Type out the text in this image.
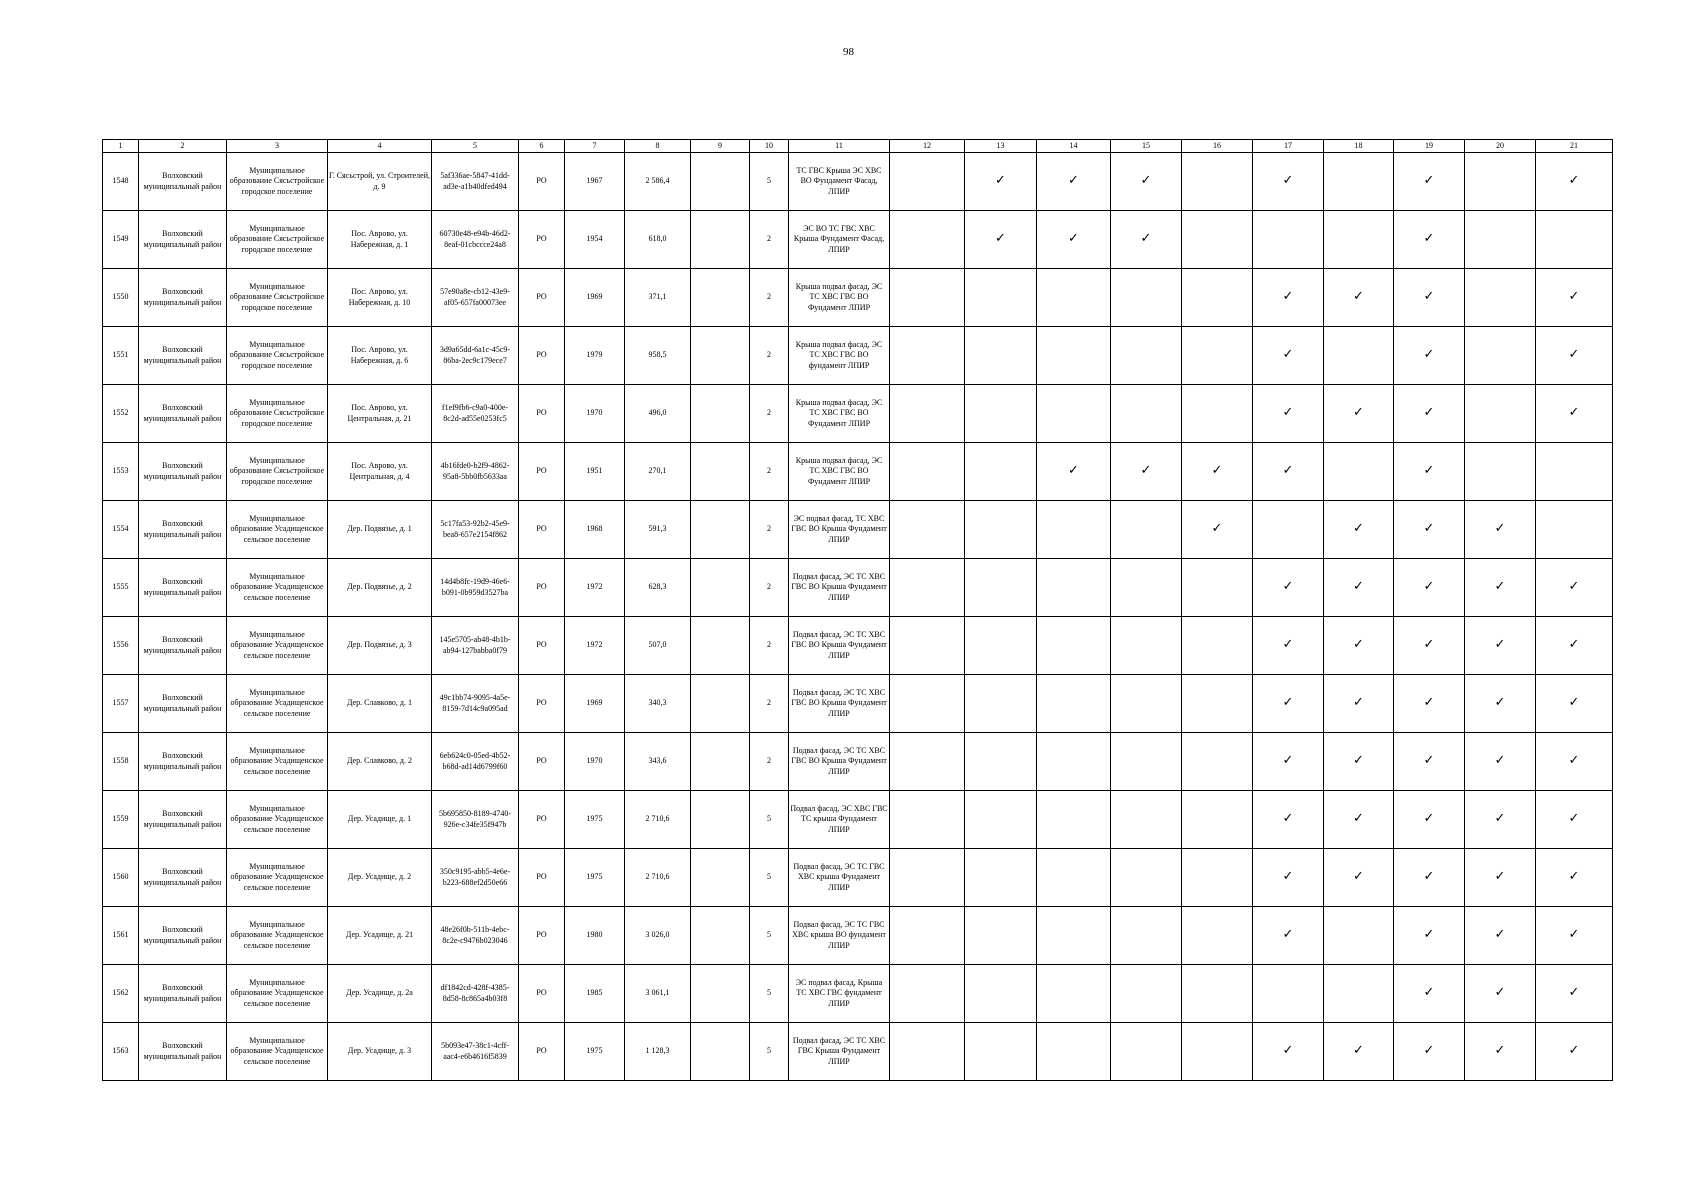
98
1	2	3	4	5	6	7	8	9	10	11	12	13	14	15	16	17	18	19	20	21
1548	Волховский муниципальный район	Муниципальное образование Сясьстройское городское поселение	Г. Сясьстрой, ул. Строителей, д. 9	5af336ae-5847-41dd-ad3e-a1b40dfed494	РО	1967	2 586,4		5	ТС ГВС Крыша ЭС ХВС ВО Фундамент Фасад, ЛПИР		✓	✓	✓		✓		✓		✓
1549	Волховский муниципальный район	Муниципальное образование Сясьстройское городское поселение	Пос. Аврово, ул. Набережная, д. 1	60730e48-e94b-46d2-8eaf-01cbccce24a8	РО	1954	618,0		2	ЭС ВО ТС ГВС ХВС Крыша Фундамент Фасад, ЛПИР		✓	✓	✓				✓		
1550	Волховский муниципальный район	Муниципальное образование Сясьстройское городское поселение	Пос. Аврово, ул. Набережная, д. 10	57e90a8e-cb12-43e9-af05-657fa00073ee	РО	1969	371,1		2	Крыша подвал фасад, ЭС ТС ХВС ГВС ВО Фундамент ЛПИР						✓	✓	✓		✓
1551	Волховский муниципальный район	Муниципальное образование Сясьстройское городское поселение	Пос. Аврово, ул. Набережная, д. 6	3d9a65dd-6a1c-45c9-86ba-2ec9c179ece7	РО	1979	958,5		2	Крыша подвал фасад, ЭС ТС ХВС ГВС ВО фундамент ЛПИР						✓		✓		✓
1552	Волховский муниципальный район	Муниципальное образование Сясьстройское городское поселение	Пос. Аврово, ул. Центральная, д. 21	f1ef9fb6-c9a0-400e-8c2d-ad55e0253fc5	РО	1970	496,0		2	Крыша подвал фасад, ЭС ТС ХВС ГВС ВО Фундамент ЛПИР						✓	✓	✓		✓
1553	Волховский муниципальный район	Муниципальное образование Сясьстройское городское поселение	Пос. Аврово, ул. Центральная, д. 4	4b16fde0-b2f9-4862-95a8-5bb0fb5633aa	РО	1951	270,1		2	Крыша подвал фасад, ЭС ТС ХВС ГВС ВО Фундамент ЛПИР			✓	✓	✓	✓		✓		
1554	Волховский муниципальный район	Муниципальное образование Усадищенское сельское поселение	Дер. Подвязье, д. 1	5c17fa53-92b2-45e9-bea8-657e2154f862	РО	1968	591,3		2	ЭС подвал фасад, ТС ХВС ГВС ВО Крыша Фундамент ЛПИР					✓		✓	✓	✓	
1555	Волховский муниципальный район	Муниципальное образование Усадищенское сельское поселение	Дер. Подвязье, д. 2	14d4b8fc-19d9-46e6-b091-0b959d3527ba	РО	1972	628,3		2	Подвал фасад, ЭС ТС ХВС ГВС ВО Крыша Фундамент ЛПИР						✓	✓	✓	✓	✓
1556	Волховский муниципальный район	Муниципальное образование Усадищенское сельское поселение	Дер. Подвязье, д. 3	145e5705-ab48-4b1b-ab94-127babba0f79	РО	1972	507,0		2	Подвал фасад, ЭС ТС ХВС ГВС ВО Крыша Фундамент ЛПИР						✓	✓	✓	✓	✓
1557	Волховский муниципальный район	Муниципальное образование Усадищенское сельское поселение	Дер. Славково, д. 1	49c1bb74-9095-4a5e-8159-7d14c9a095ad	РО	1969	340,3		2	Подвал фасад, ЭС ТС ХВС ГВС ВО Крыша Фундамент ЛПИР						✓	✓	✓	✓	✓
1558	Волховский муниципальный район	Муниципальное образование Усадищенское сельское поселение	Дер. Славково, д. 2	6eb624c0-05ed-4b52-b68d-ad14d6799f60	РО	1970	343,6		2	Подвал фасад, ЭС ТС ХВС ГВС ВО Крыша Фундамент ЛПИР						✓	✓	✓	✓	✓
1559	Волховский муниципальный район	Муниципальное образование Усадищенское сельское поселение	Дер. Усадище, д. 1	5b695850-8189-4740-926e-c34fe35f947b	РО	1975	2 710,6		5	Подвал фасад, ЭС ХВС ГВС ТС крыша Фундамент ЛПИР						✓	✓	✓	✓	✓
1560	Волховский муниципальный район	Муниципальное образование Усадищенское сельское поселение	Дер. Усадище, д. 2	350c9195-abb5-4e6e-b223-688ef2d50e66	РО	1975	2 710,6		5	Подвал фасад, ЭС ТС ГВС ХВС крыша Фундамент ЛПИР						✓	✓	✓	✓	✓
1561	Волховский муниципальный район	Муниципальное образование Усадищенское сельское поселение	Дер. Усадище, д. 21	48e26f0b-511b-4ebc-8c2e-c9476b023046	РО	1980	3 026,0		5	Подвал фасад, ЭС ТС ГВС ХВС крыша ВО фундамент ЛПИР						✓		✓	✓	✓
1562	Волховский муниципальный район	Муниципальное образование Усадищенское сельское поселение	Дер. Усадище, д. 2а	df1842cd-428f-4385-8d58-8c865a4b03f8	РО	1985	3 061,1		5	ЭС подвал фасад, Крыша ТС ХВС ГВС фундамент ЛПИР								✓	✓	✓
1563	Волховский муниципальный район	Муниципальное образование Усадищенское сельское поселение	Дер. Усадище, д. 3	5b093e47-38c1-4cff-aac4-e6b4616f5839	РО	1975	1 128,3		5	Подвал фасад, ЭС ТС ХВС ГВС Крыша Фундамент ЛПИР						✓	✓	✓	✓	✓
